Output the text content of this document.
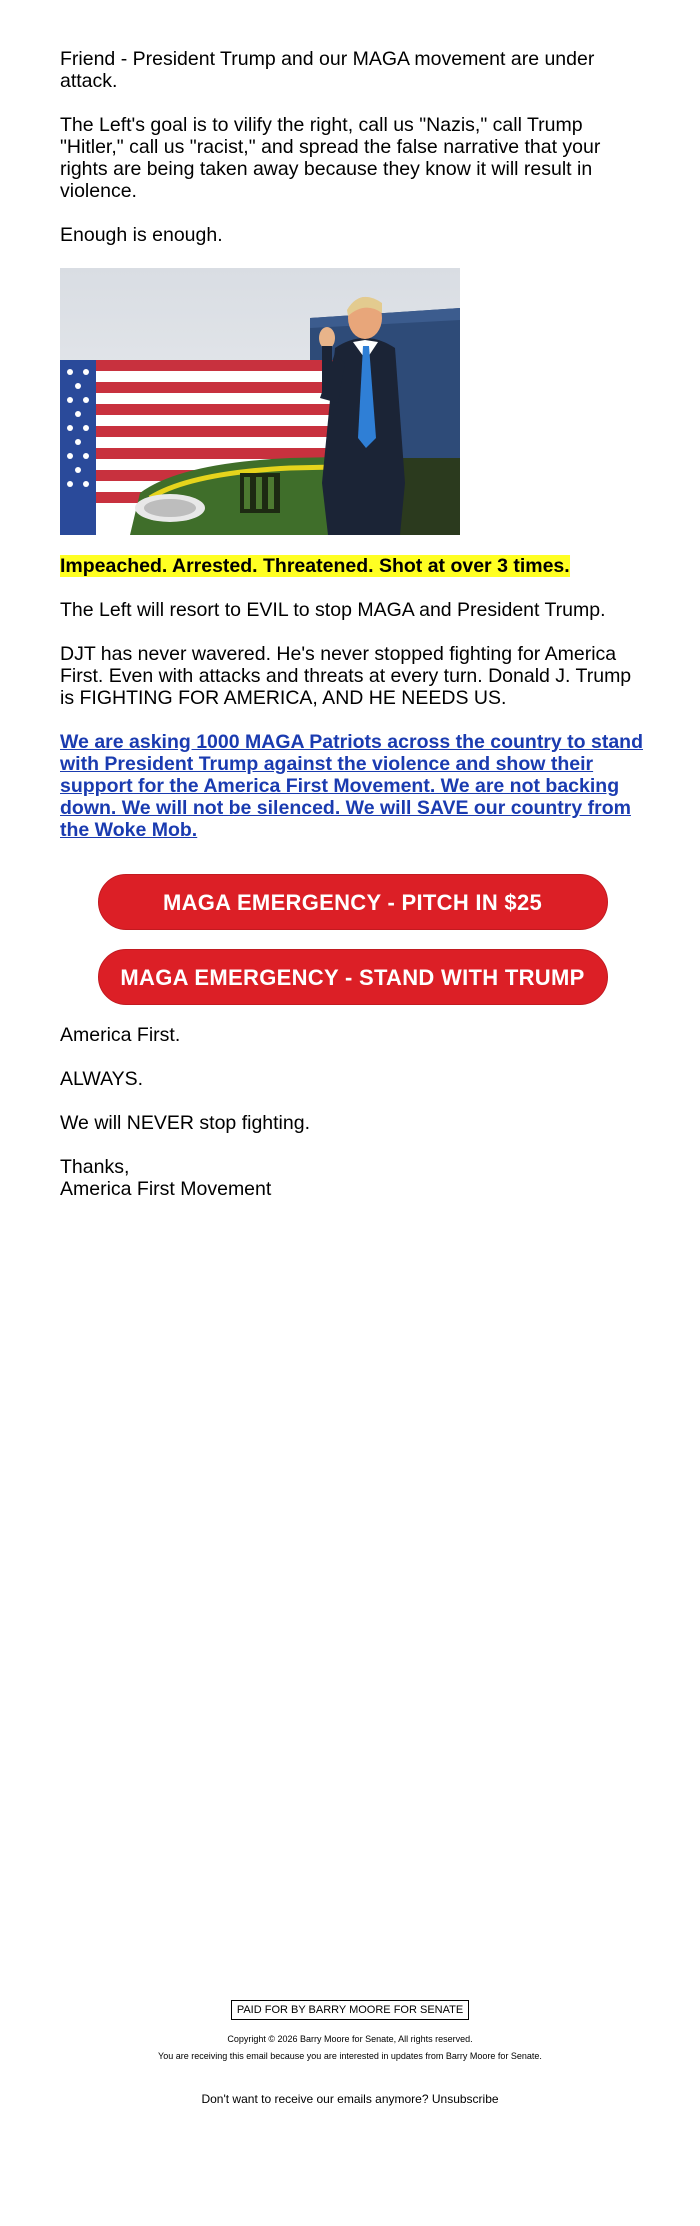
Friend - President Trump and our MAGA movement are under attack.

The Left's goal is to vilify the right, call us "Nazis," call Trump "Hitler," call us "racist," and spread the false narrative that your rights are being taken away because they know it will result in violence.

Enough is enough.

Impeached. Arrested. Threatened. Shot at over 3 times.

The Left will resort to EVIL to stop MAGA and President Trump.

DJT has never wavered. He's never stopped fighting for America First. Even with attacks and threats at every turn. Donald J. Trump is FIGHTING FOR AMERICA, AND HE NEEDS US.

We are asking 1000 MAGA Patriots across the country to stand with President Trump against the violence and show their support for the America First Movement. We are not backing down. We will not be silenced. We will SAVE our country from the Woke Mob.
MAGA EMERGENCY - PITCH IN $25
MAGA EMERGENCY - STAND WITH TRUMP

America First.

ALWAYS.

We will NEVER stop fighting.

Thanks,

America First Movement

PAID FOR BY BARRY MOORE FOR SENATE
Copyright © 2026 Barry Moore for Senate, All rights reserved.
You are receiving this email because you are interested in updates from Barry Moore for Senate.
Don't want to receive our emails anymore? Unsubscribe
